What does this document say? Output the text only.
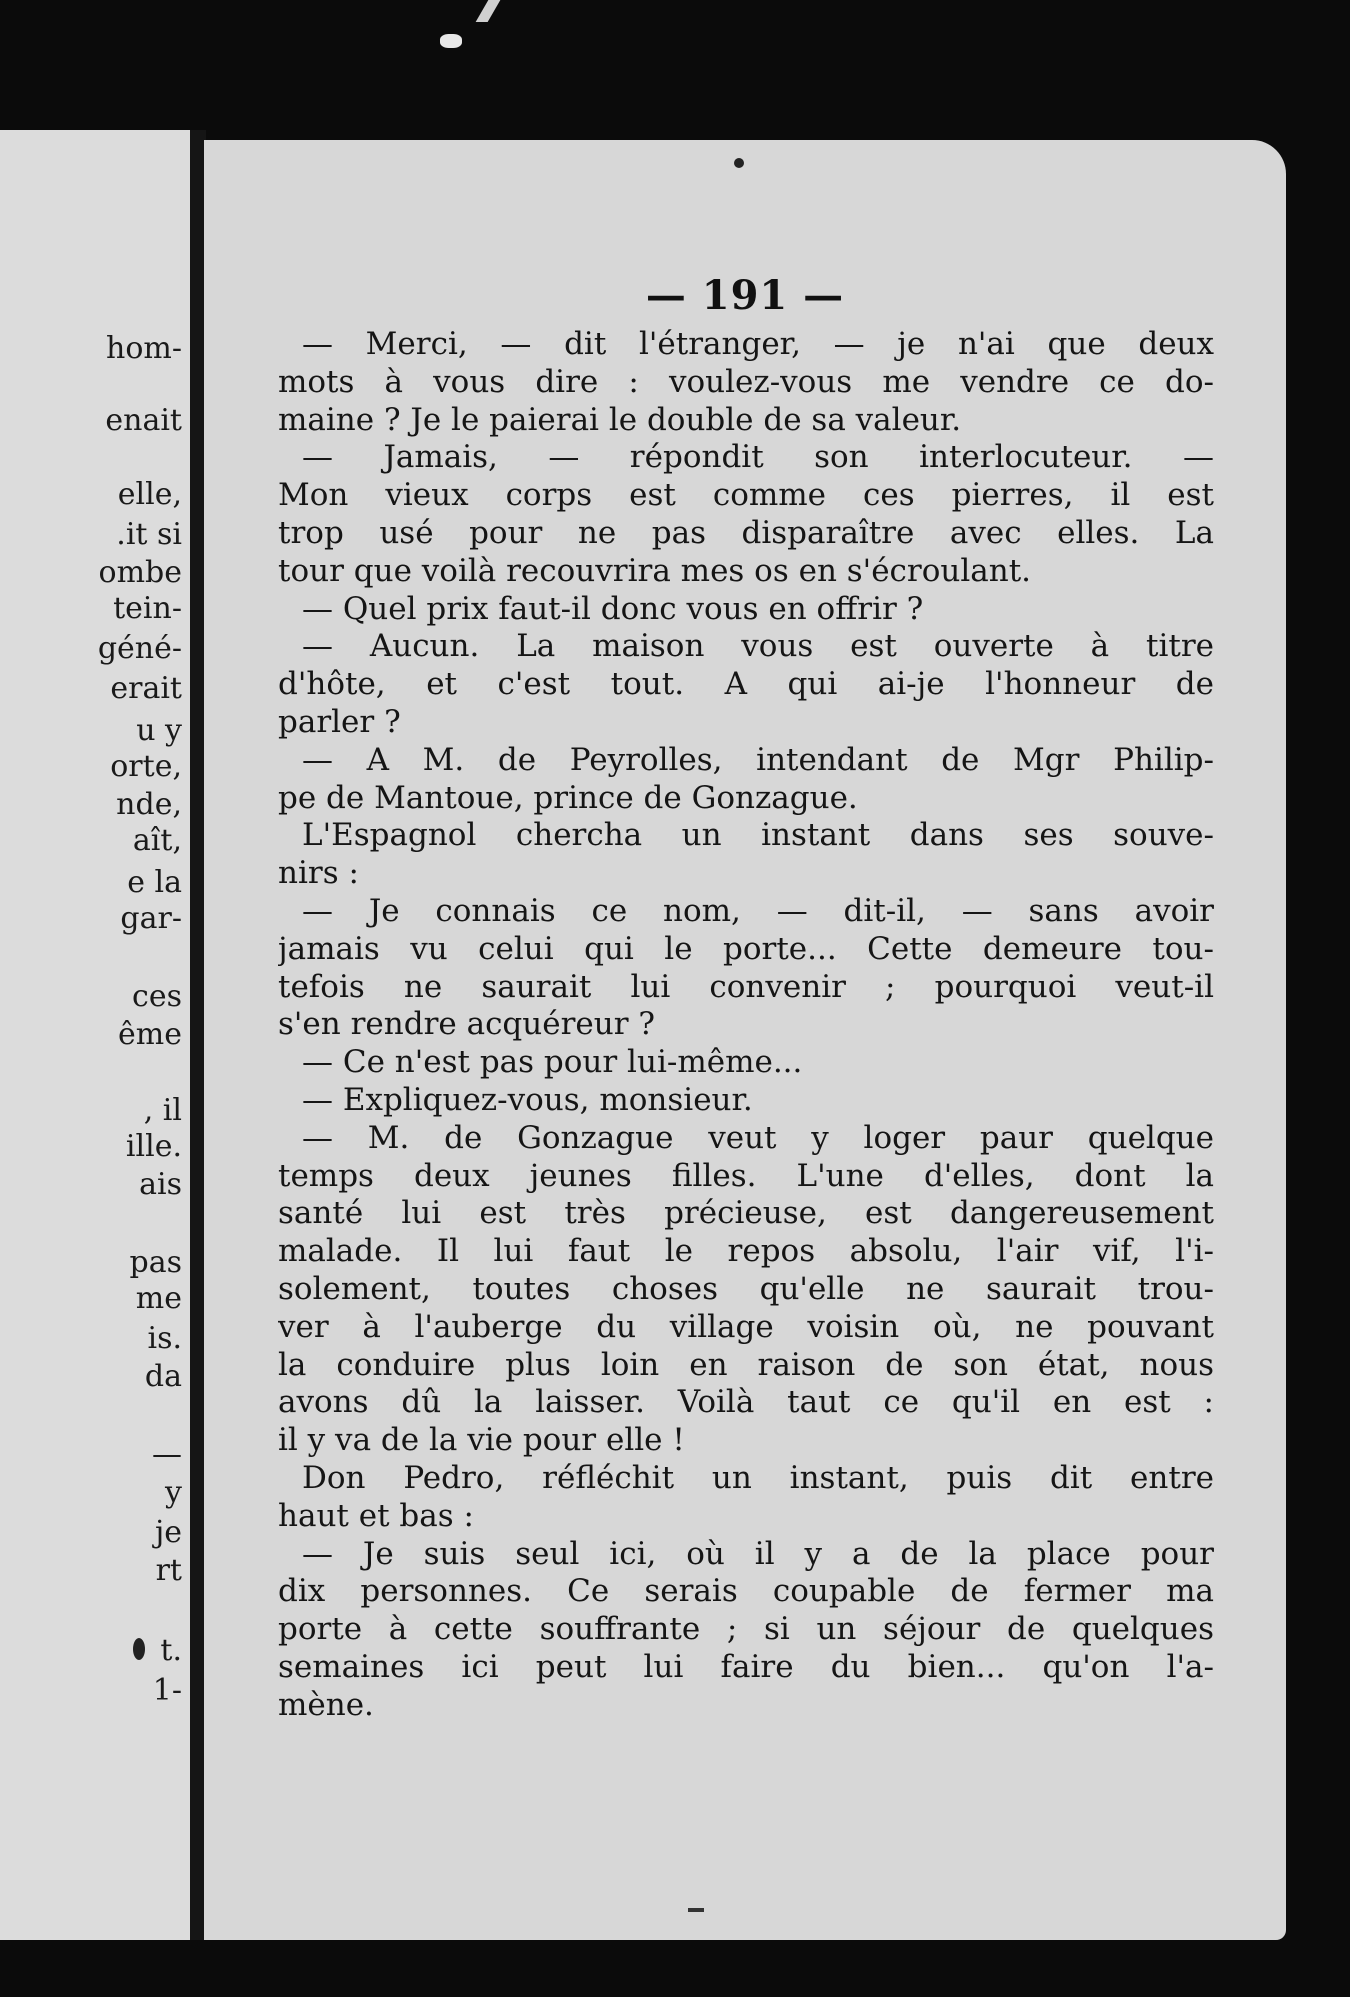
hom-
enait
elle,
.it si
ombe
tein-
géné-
erait
u y
orte,
nde,
aît,
e la
gar-
ces
ême
, il
ille.
ais
pas
me
is.
da
—
y
je
rt
t.
1-
— 191 —
— Merci, — dit l'étranger, — je n'ai que deux
mots à vous dire : voulez-vous me vendre ce do-
maine ? Je le paierai le double de sa valeur.
— Jamais, — répondit son interlocuteur. —
Mon vieux corps est comme ces pierres, il est
trop usé pour ne pas disparaître avec elles. La
tour que voilà recouvrira mes os en s'écroulant.
— Quel prix faut-il donc vous en offrir ?
— Aucun. La maison vous est ouverte à titre
d'hôte, et c'est tout. A qui ai-je l'honneur de
parler ?
— A M. de Peyrolles, intendant de Mgr Philip-
pe de Mantoue, prince de Gonzague.
L'Espagnol chercha un instant dans ses souve-
nirs :
— Je connais ce nom, — dit-il, — sans avoir
jamais vu celui qui le porte... Cette demeure tou-
tefois ne saurait lui convenir ; pourquoi veut-il
s'en rendre acquéreur ?
— Ce n'est pas pour lui-même...
— Expliquez-vous, monsieur.
— M. de Gonzague veut y loger paur quelque
temps deux jeunes filles. L'une d'elles, dont la
santé lui est très précieuse, est dangereusement
malade. Il lui faut le repos absolu, l'air vif, l'i-
solement, toutes choses qu'elle ne saurait trou-
ver à l'auberge du village voisin où, ne pouvant
la conduire plus loin en raison de son état, nous
avons dû la laisser. Voilà taut ce qu'il en est :
il y va de la vie pour elle !
Don Pedro, réfléchit un instant, puis dit entre
haut et bas :
— Je suis seul ici, où il y a de la place pour
dix personnes. Ce serais coupable de fermer ma
porte à cette souffrante ; si un séjour de quelques
semaines ici peut lui faire du bien... qu'on l'a-
mène.
